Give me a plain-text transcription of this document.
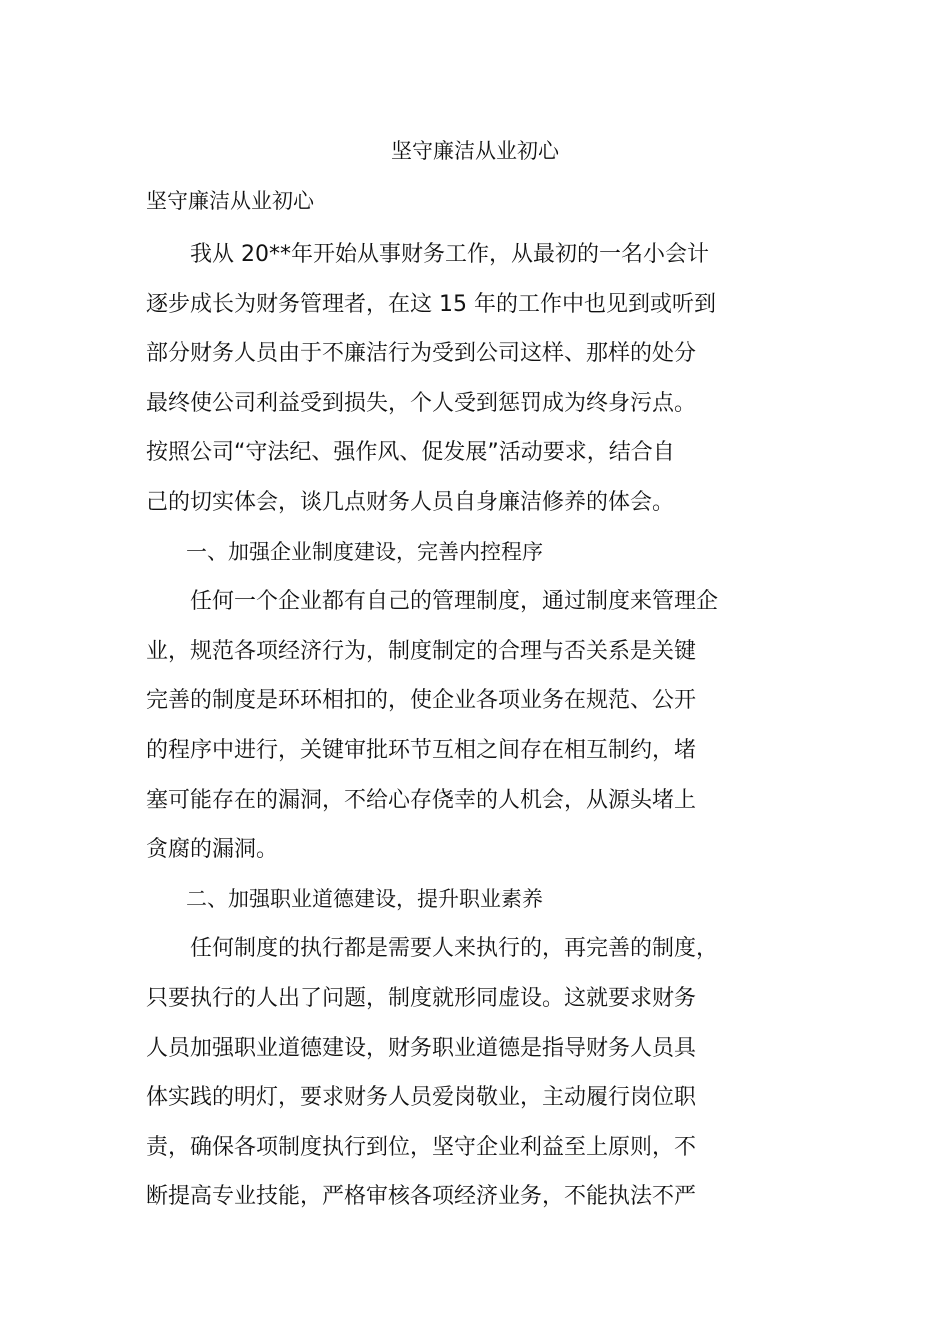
坚守廉洁从业初心
坚守廉洁从业初心
我从 20**年开始从事财务工作，从最初的一名小会计
逐步成长为财务管理者，在这 15 年的工作中也见到或听到
部分财务人员由于不廉洁行为受到公司这样、那样的处分
最终使公司利益受到损失，个人受到惩罚成为终身污点。
按照公司“守法纪、强作风、促发展”活动要求，结合自
己的切实体会，谈几点财务人员自身廉洁修养的体会。
一、加强企业制度建设，完善内控程序
任何一个企业都有自己的管理制度，通过制度来管理企
业，规范各项经济行为，制度制定的合理与否关系是关键
完善的制度是环环相扣的，使企业各项业务在规范、公开
的程序中进行，关键审批环节互相之间存在相互制约，堵
塞可能存在的漏洞，不给心存侥幸的人机会，从源头堵上
贪腐的漏洞。
二、加强职业道德建设，提升职业素养
任何制度的执行都是需要人来执行的，再完善的制度，
只要执行的人出了问题，制度就形同虚设。这就要求财务
人员加强职业道德建设，财务职业道德是指导财务人员具
体实践的明灯，要求财务人员爱岗敬业，主动履行岗位职
责，确保各项制度执行到位，坚守企业利益至上原则，不
断提高专业技能，严格审核各项经济业务，不能执法不严
